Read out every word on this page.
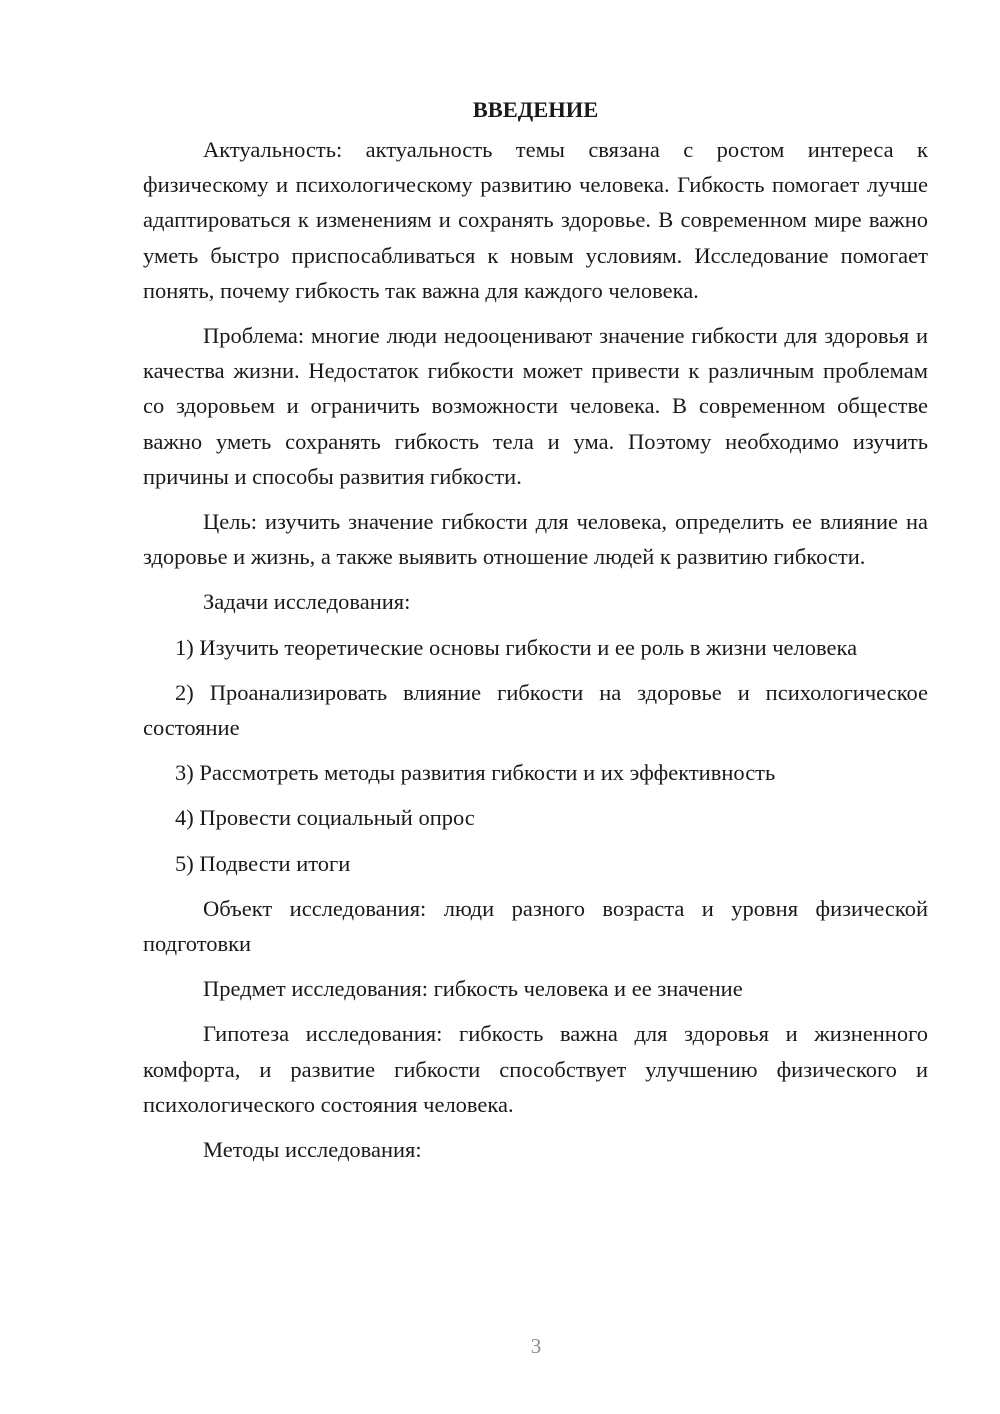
ВВЕДЕНИЕ

Актуальность: актуальность темы связана с ростом интереса к физическому и психологическому развитию человека. Гибкость помогает лучше адаптироваться к изменениям и сохранять здоровье. В современном мире важно уметь быстро приспосабливаться к новым условиям. Исследование помогает понять, почему гибкость так важна для каждого человека.

Проблема: многие люди недооценивают значение гибкости для здоровья и качества жизни. Недостаток гибкости может привести к различным проблемам со здоровьем и ограничить возможности человека. В современном обществе важно уметь сохранять гибкость тела и ума. Поэтому необходимо изучить причины и способы развития гибкости.

Цель: изучить значение гибкости для человека, определить ее влияние на здоровье и жизнь, а также выявить отношение людей к развитию гибкости.

Задачи исследования:

1) Изучить теоретические основы гибкости и ее роль в жизни человека

2) Проанализировать влияние гибкости на здоровье и психологическое состояние

3) Рассмотреть методы развития гибкости и их эффективность

4) Провести социальный опрос

5) Подвести итоги

Объект исследования: люди разного возраста и уровня физической подготовки

Предмет исследования: гибкость человека и ее значение

Гипотеза исследования: гибкость важна для здоровья и жизненного комфорта, и развитие гибкости способствует улучшению физического и психологического состояния человека.

Методы исследования:

3
